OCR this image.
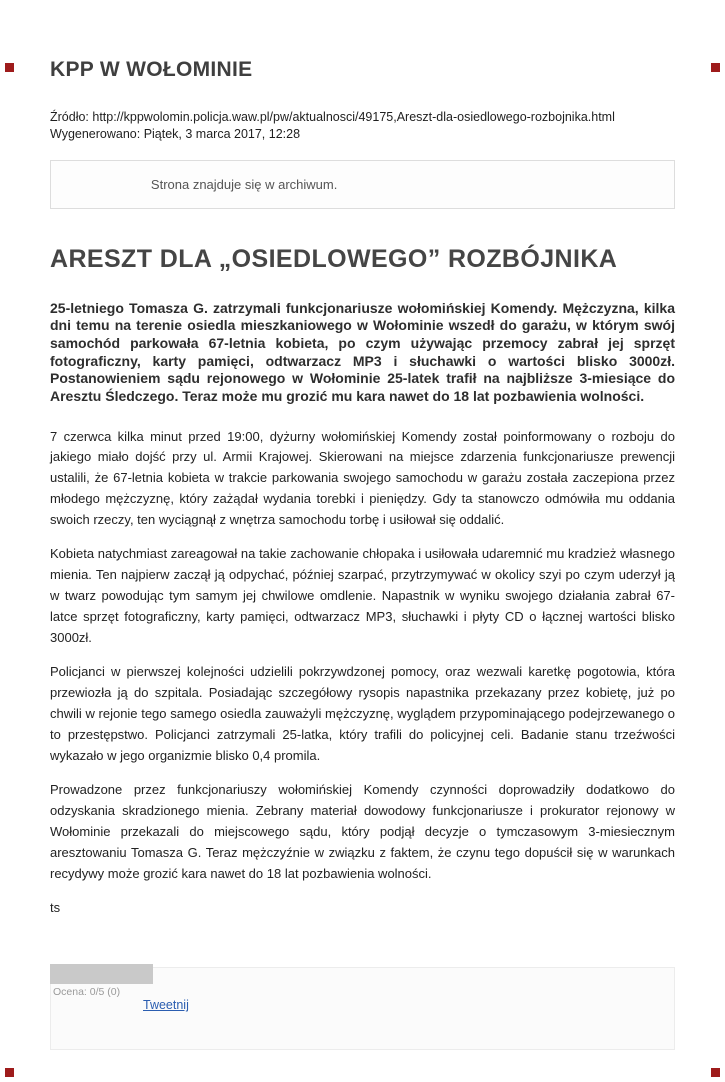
KPP W WOŁOMINIE
Źródło: http://kppwolomin.policja.waw.pl/pw/aktualnosci/49175,Areszt-dla-osiedlowego-rozbojnika.html
Wygenerowano: Piątek, 3 marca 2017, 12:28
Strona znajduje się w archiwum.
ARESZT DLA „OSIEDLOWEGO” ROZBÓJNIKA

25-letniego Tomasza G. zatrzymali funkcjonariusze wołomińskiej Komendy. Mężczyzna, kilka dni temu na terenie osiedla mieszkaniowego w Wołominie wszedł do garażu, w którym swój samochód parkowała 67-letnia kobieta, po czym używając przemocy zabrał jej sprzęt fotograficzny, karty pamięci, odtwarzacz MP3 i słuchawki o wartości blisko 3000zł. Postanowieniem sądu rejonowego w Wołominie 25-latek trafił na najbliższe 3-miesiące do Aresztu Śledczego. Teraz może mu grozić mu kara nawet do 18 lat pozbawienia wolności.

7 czerwca kilka minut przed 19:00, dyżurny wołomińskiej Komendy został poinformowany o rozboju do jakiego miało dojść przy ul. Armii Krajowej. Skierowani na miejsce zdarzenia funkcjonariusze prewencji ustalili, że 67-letnia kobieta w trakcie parkowania swojego samochodu w garażu została zaczepiona przez młodego mężczyznę, który zażądał wydania torebki i pieniędzy. Gdy ta stanowczo odmówiła mu oddania swoich rzeczy, ten wyciągnął z wnętrza samochodu torbę i usiłował się oddalić.

Kobieta natychmiast zareagował na takie zachowanie chłopaka i usiłowała udaremnić mu kradzież własnego mienia. Ten najpierw zaczął ją odpychać, później szarpać, przytrzymywać w okolicy szyi po czym uderzył ją w twarz powodując tym samym jej chwilowe omdlenie. Napastnik w wyniku swojego działania zabrał 67-latce sprzęt fotograficzny, karty pamięci, odtwarzacz MP3, słuchawki i płyty CD o łącznej wartości blisko 3000zł.

Policjanci w pierwszej kolejności udzielili pokrzywdzonej pomocy, oraz wezwali karetkę pogotowia, która przewiozła ją do szpitala. Posiadając szczegółowy rysopis napastnika przekazany przez kobietę, już po chwili w rejonie tego samego osiedla zauważyli mężczyznę, wyglądem przypominającego podejrzewanego o to przestępstwo. Policjanci zatrzymali 25-latka, który trafili do policyjnej celi. Badanie stanu trzeźwości wykazało w jego organizmie blisko 0,4 promila.

Prowadzone przez funkcjonariuszy wołomińskiej Komendy czynności doprowadziły dodatkowo do odzyskania skradzionego mienia. Zebrany materiał dowodowy funkcjonariusze i prokurator rejonowy w Wołominie przekazali do miejscowego sądu, który podjął decyzje o tymczasowym 3-miesiecznym aresztowaniu Tomasza G. Teraz mężczyźnie w związku z faktem, że czynu tego dopuścił się w warunkach recydywy może grozić kara nawet do 18 lat pozbawienia wolności.

ts

Ocena: 0/5 (0)
Tweetnij
